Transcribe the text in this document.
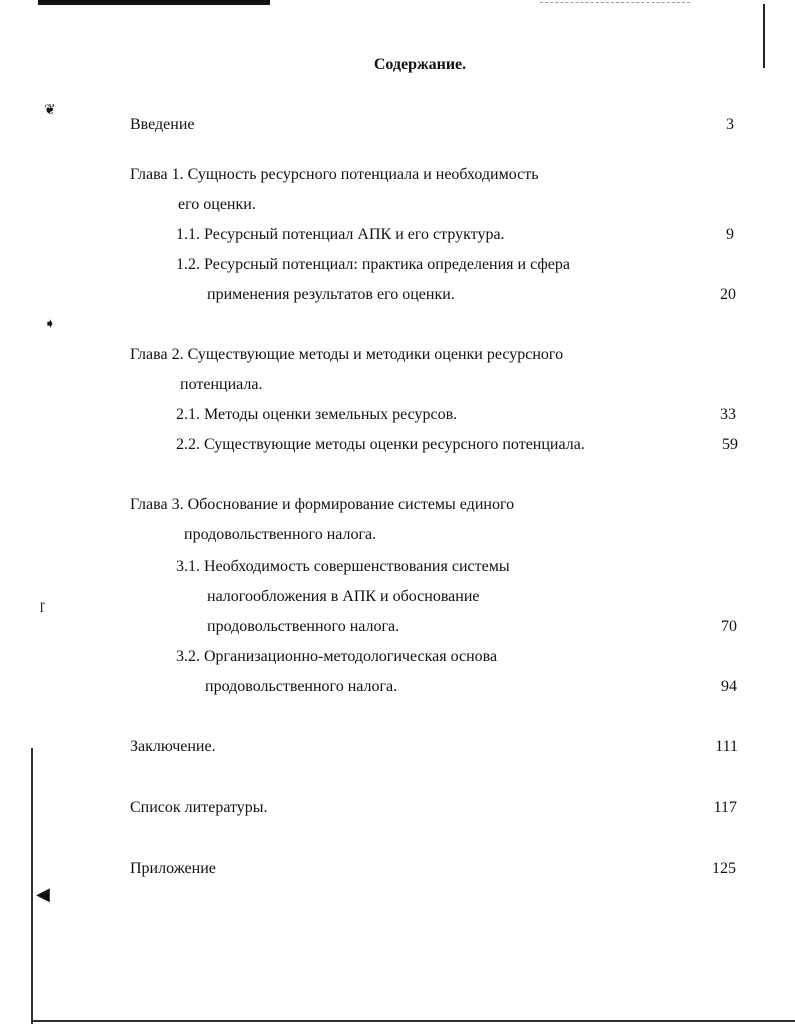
❦
➧
ɼ
◀
Содержание.
Введение	3
Глава 1. Сущность ресурсного потенциала и необходимость
его оценки.
1.1. Ресурсный потенциал АПК и его структура.	9
1.2. Ресурсный потенциал: практика определения и сфера
применения результатов его оценки.	20
Глава 2. Существующие методы и методики оценки ресурсного
потенциала.
2.1. Методы оценки земельных ресурсов.	33
2.2. Существующие методы оценки ресурсного потенциала.	59
Глава 3. Обоснование и формирование системы единого
продовольственного налога.
3.1. Необходимость совершенствования системы
налогообложения в АПК и обоснование
продовольственного налога.	70
3.2. Организационно-методологическая основа
продовольственного налога.	94
Заключение.	111
Список литературы.	117
Приложение	125
